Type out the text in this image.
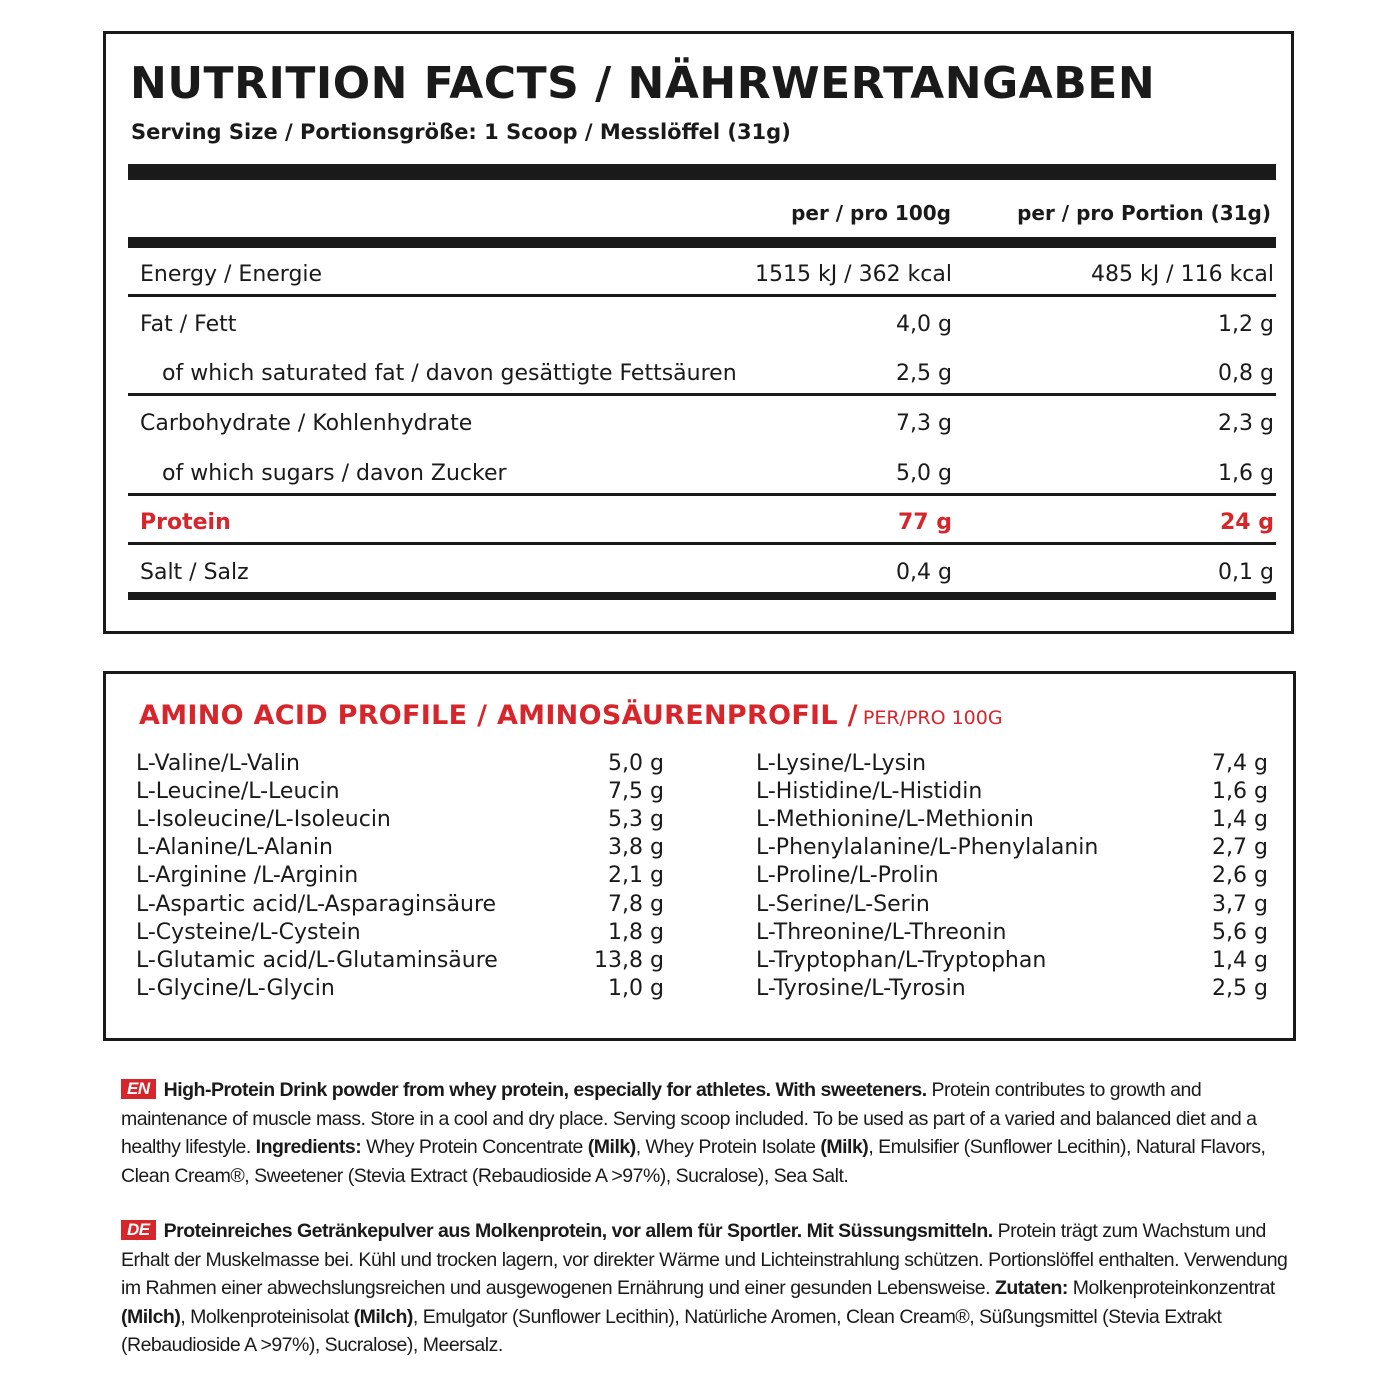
NUTRITION FACTS / NÄHRWERTANGABEN
Serving Size / Portionsgröße: 1 Scoop / Messlöffel (31g)
per / pro 100g	per / pro Portion (31g)
Energy / Energie	1515 kJ / 362 kcal	485 kJ / 116 kcal
Fat / Fett	4,0 g	1,2 g
of which saturated fat / davon gesättigte Fettsäuren	2,5 g	0,8 g
Carbohydrate / Kohlenhydrate	7,3 g	2,3 g
of which sugars / davon Zucker	5,0 g	1,6 g
Protein	77 g	24 g
Salt / Salz	0,4 g	0,1 g
AMINO ACID PROFILE / AMINOSÄURENPROFIL / PER/PRO 100G
L-Valine/L-Valin	5,0 g
L-Leucine/L-Leucin	7,5 g
L-Isoleucine/L-Isoleucin	5,3 g
L-Alanine/L-Alanin	3,8 g
L-Arginine /L-Arginin	2,1 g
L-Aspartic acid/L-Asparaginsäure	7,8 g
L-Cysteine/L-Cystein	1,8 g
L-Glutamic acid/L-Glutaminsäure	13,8 g
L-Glycine/L-Glycin	1,0 g
L-Lysine/L-Lysin	7,4 g
L-Histidine/L-Histidin	1,6 g
L-Methionine/L-Methionin	1,4 g
L-Phenylalanine/L-Phenylalanin	2,7 g
L-Proline/L-Prolin	2,6 g
L-Serine/L-Serin	3,7 g
L-Threonine/L-Threonin	5,6 g
L-Tryptophan/L-Tryptophan	1,4 g
L-Tyrosine/L-Tyrosin	2,5 g

EN High-Protein Drink powder from whey protein, especially for athletes. With sweeteners. Protein contributes to growth and maintenance of muscle mass. Store in a cool and dry place. Serving scoop included. To be used as part of a varied and balanced diet and a healthy lifestyle. Ingredients: Whey Protein Concentrate (Milk), Whey Protein Isolate (Milk), Emulsifier (Sunflower Lecithin), Natural Flavors, Clean Cream®, Sweetener (Stevia Extract (Rebaudioside A >97%), Sucralose), Sea Salt.

DE Proteinreiches Getränkepulver aus Molkenprotein, vor allem für Sportler. Mit Süssungsmitteln. Protein trägt zum Wachstum und Erhalt der Muskelmasse bei. Kühl und trocken lagern, vor direkter Wärme und Lichteinstrahlung schützen. Portionslöffel enthalten. Verwendung im Rahmen einer abwechslungsreichen und ausgewogenen Ernährung und einer gesunden Lebensweise. Zutaten: Molkenproteinkonzentrat (Milch), Molkenproteinisolat (Milch), Emulgator (Sunflower Lecithin), Natürliche Aromen, Clean Cream®, Süßungsmittel (Stevia Extrakt (Rebaudioside A >97%), Sucralose), Meersalz.
